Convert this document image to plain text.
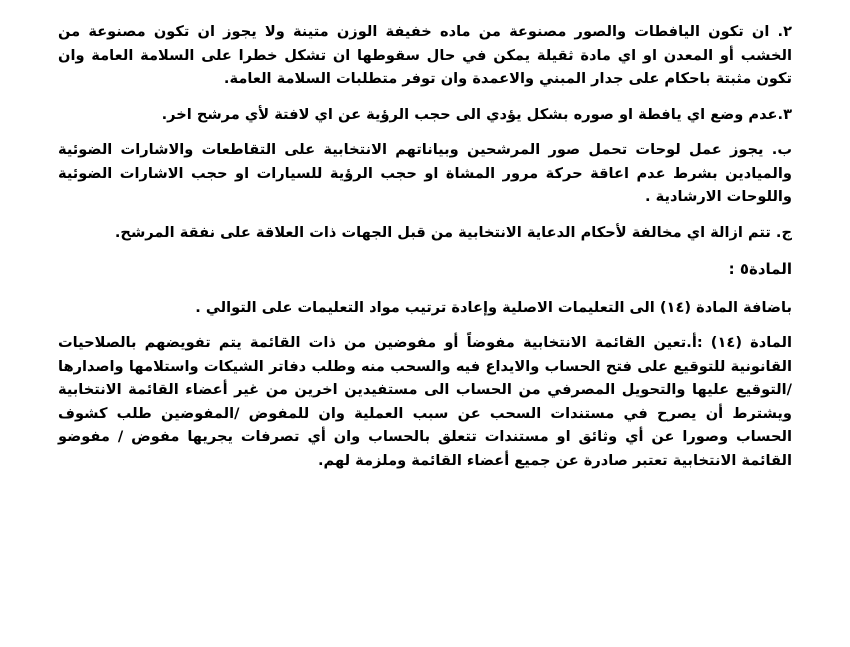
٢. ان تكون اليافطات والصور مصنوعة من ماده خفيفة الوزن متينة ولا يجوز ان تكون مصنوعة من الخشب أو المعدن او اي مادة ثقيلة يمكن في حال سقوطها ان تشكل خطرا على السلامة العامة وان تكون مثبتة باحكام على جدار المبني والاعمدة وان توفر متطلبات السلامة العامة.

٣.عدم وضع اي يافطة او صوره بشكل يؤدي الى حجب الرؤية عن اي لافتة لأي مرشح اخر.

ب. يجوز عمل لوحات تحمل صور المرشحين وبياناتهم الانتخابية على التقاطعات والاشارات الضوئية والميادين بشرط عدم اعاقة حركة مرور المشاة او حجب الرؤية للسيارات او حجب الاشارات الضوئية واللوحات الارشادية .

ج. تتم ازالة اي مخالفة لأحكام الدعاية الانتخابية من قبل الجهات ذات العلاقة على نفقة المرشح.

المادة٥ :

باضافة المادة (١٤) الى التعليمات الاصلية وإعادة ترتيب مواد التعليمات على التوالي .

المادة (١٤) :أ.تعين القائمة الانتخابية مفوضاً أو مفوضين من ذات القائمة يتم تفويضهم بالصلاحيات القانونية للتوقيع على فتح الحساب والايداع فيه والسحب منه وطلب دفاتر الشيكات واستلامها واصدارها /التوقيع عليها والتحويل المصرفي من الحساب الى مستفيدين اخرين من غير أعضاء القائمة الانتخابية ويشترط أن يصرح في مستندات السحب عن سبب العملية وان للمفوض /المفوضين طلب كشوف الحساب وصورا عن أي وثائق او مستندات تتعلق بالحساب وان أي تصرفات يجريها مفوض / مفوضو القائمة الانتخابية تعتبر صادرة عن جميع أعضاء القائمة وملزمة لهم.
